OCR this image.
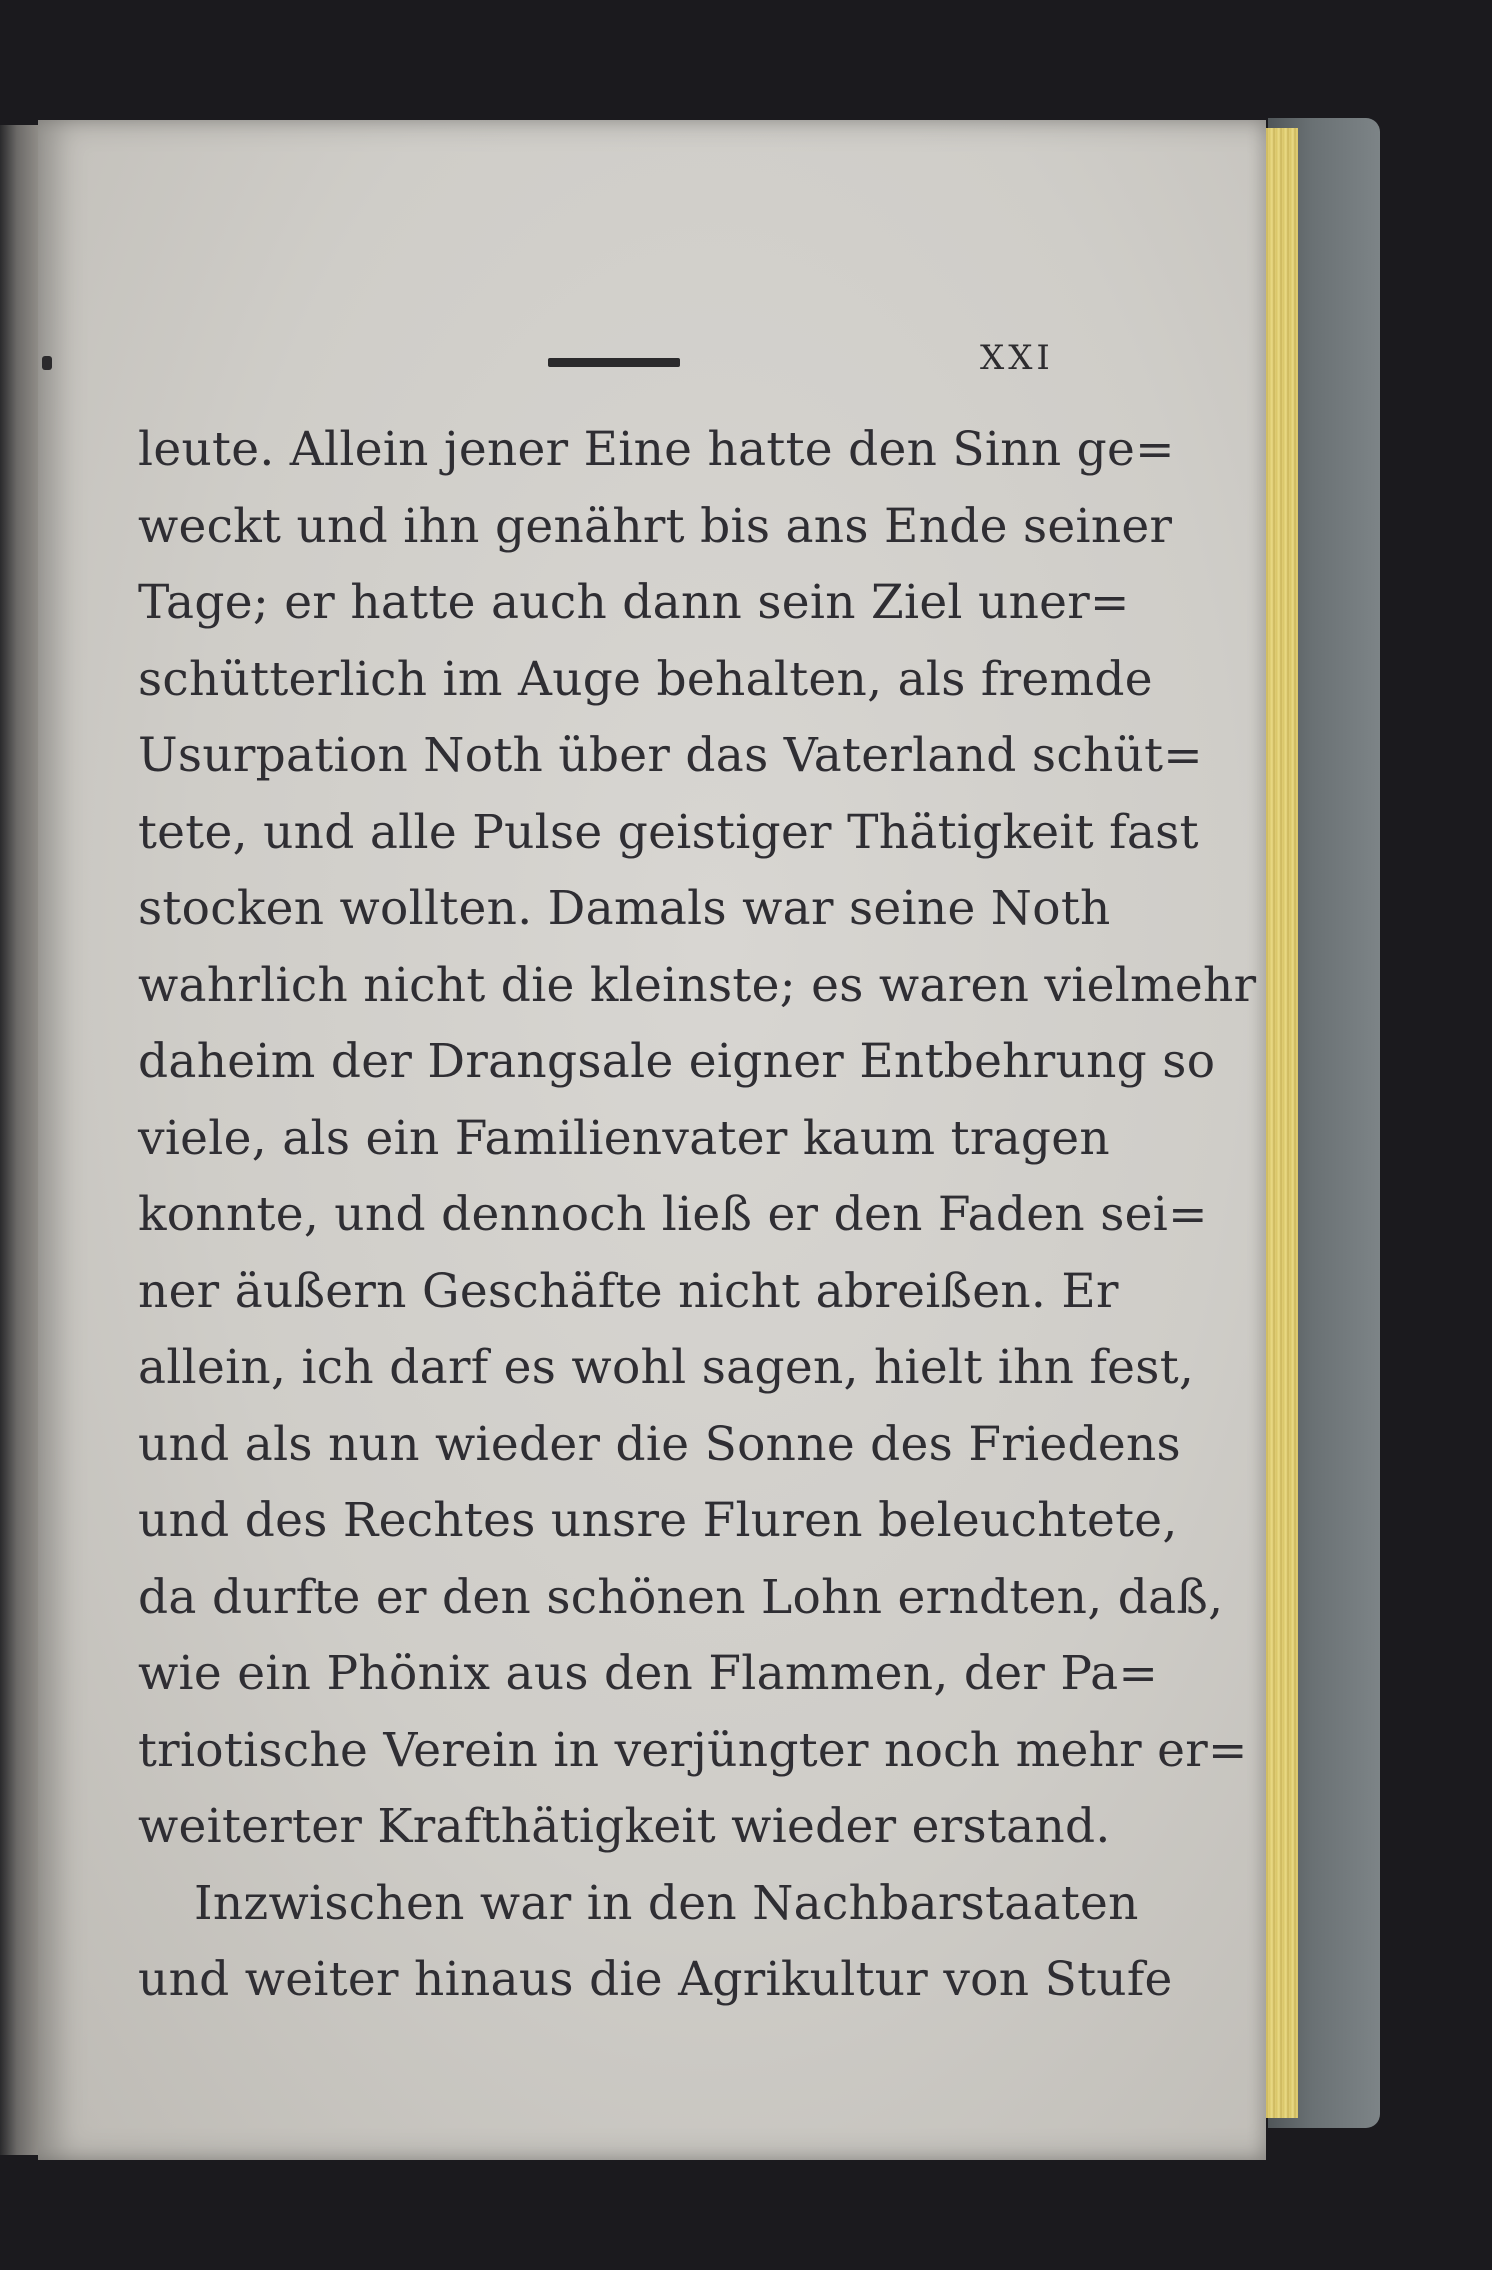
XXI
leute. Allein jener Eine hatte den Sinn ge=
weckt und ihn genährt bis ans Ende seiner
Tage; er hatte auch dann sein Ziel uner=
schütterlich im Auge behalten, als fremde
Usurpation Noth über das Vaterland schüt=
tete, und alle Pulse geistiger Thätigkeit fast
stocken wollten. Damals war seine Noth
wahrlich nicht die kleinste; es waren vielmehr
daheim der Drangsale eigner Entbehrung so
viele, als ein Familienvater kaum tragen
konnte, und dennoch ließ er den Faden sei=
ner äußern Geschäfte nicht abreißen. Er
allein, ich darf es wohl sagen, hielt ihn fest,
und als nun wieder die Sonne des Friedens
und des Rechtes unsre Fluren beleuchtete,
da durfte er den schönen Lohn erndten, daß,
wie ein Phönix aus den Flammen, der Pa=
triotische Verein in verjüngter noch mehr er=
weiterter Krafthätigkeit wieder erstand.
Inzwischen war in den Nachbarstaaten
und weiter hinaus die Agrikultur von Stufe
